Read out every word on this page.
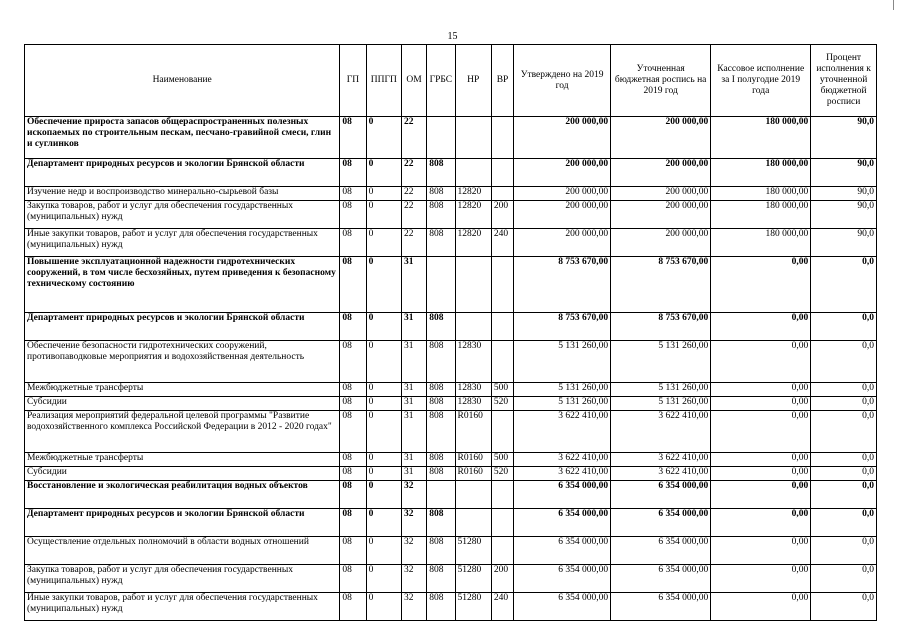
15
Наименование	ГП	ППГП	ОМ	ГРБС	НР	ВР	Утверждено на 2019 год	Уточненная бюджетная роспись на 2019 год	Кассовое исполнение за I полугодие 2019 года	Процент исполнения к уточненной бюджетной росписи
Обеспечение прироста запасов общераспространенных полезных ископаемых по строительным пескам, песчано-гравийной смеси, глин и суглинков	08	0	22				200 000,00	200 000,00	180 000,00	90,0
Департамент природных ресурсов и экологии Брянской области	08	0	22	808			200 000,00	200 000,00	180 000,00	90,0
Изучение недр и воспроизводство минерально-сырьевой базы	08	0	22	808	12820		200 000,00	200 000,00	180 000,00	90,0
Закупка товаров, работ и услуг для обеспечения государственных (муниципальных) нужд	08	0	22	808	12820	200	200 000,00	200 000,00	180 000,00	90,0
Иные закупки товаров, работ и услуг для обеспечения государственных (муниципальных) нужд	08	0	22	808	12820	240	200 000,00	200 000,00	180 000,00	90,0
Повышение эксплуатационной надежности гидротехнических сооружений, в том числе бесхозяйных, путем приведения к безопасному техническому состоянию	08	0	31				8 753 670,00	8 753 670,00	0,00	0,0
Департамент природных ресурсов и экологии Брянской области	08	0	31	808			8 753 670,00	8 753 670,00	0,00	0,0
Обеспечение безопасности гидротехнических сооружений, противопаводковые мероприятия и водохозяйственная деятельность	08	0	31	808	12830		5 131 260,00	5 131 260,00	0,00	0,0
Межбюджетные трансферты	08	0	31	808	12830	500	5 131 260,00	5 131 260,00	0,00	0,0
Субсидии	08	0	31	808	12830	520	5 131 260,00	5 131 260,00	0,00	0,0
Реализация мероприятий федеральной целевой программы "Развитие водохозяйственного комплекса Российской Федерации в 2012 - 2020 годах"	08	0	31	808	R0160		3 622 410,00	3 622 410,00	0,00	0,0
Межбюджетные трансферты	08	0	31	808	R0160	500	3 622 410,00	3 622 410,00	0,00	0,0
Субсидии	08	0	31	808	R0160	520	3 622 410,00	3 622 410,00	0,00	0,0
Восстановление и экологическая реабилитация водных объектов	08	0	32				6 354 000,00	6 354 000,00	0,00	0,0
Департамент природных ресурсов и экологии Брянской области	08	0	32	808			6 354 000,00	6 354 000,00	0,00	0,0
Осуществление отдельных полномочий в области водных отношений	08	0	32	808	51280		6 354 000,00	6 354 000,00	0,00	0,0
Закупка товаров, работ и услуг для обеспечения государственных (муниципальных) нужд	08	0	32	808	51280	200	6 354 000,00	6 354 000,00	0,00	0,0
Иные закупки товаров, работ и услуг для обеспечения государственных (муниципальных) нужд	08	0	32	808	51280	240	6 354 000,00	6 354 000,00	0,00	0,0
